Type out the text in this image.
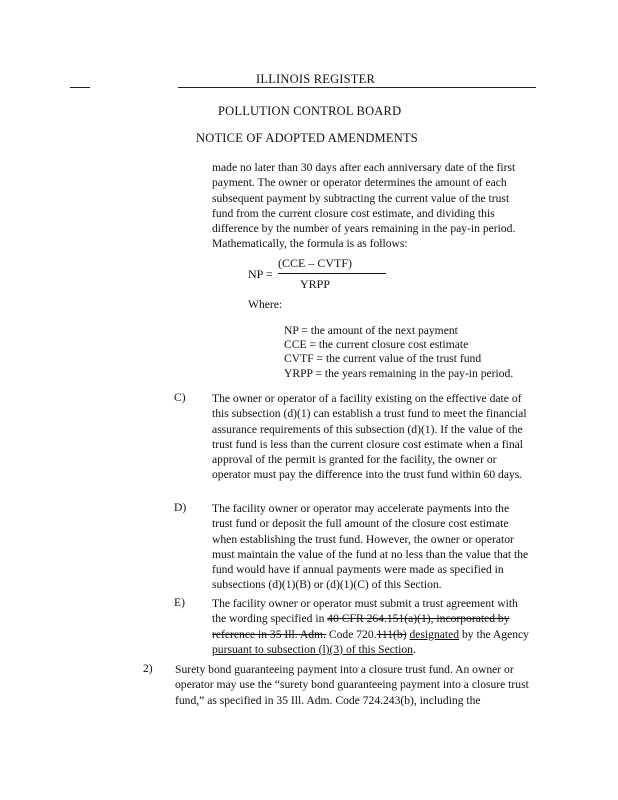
ILLINOIS REGISTER
POLLUTION CONTROL BOARD
NOTICE OF ADOPTED AMENDMENTS

made no later than 30 days after each anniversary date of the first payment. The owner or operator determines the amount of each subsequent payment by subtracting the current value of the trust fund from the current closure cost estimate, and dividing this difference by the number of years remaining in the pay-in period. Mathematically, the formula is as follows:

NP =
(CCE – CVTF)
YRPP
Where:
NP = the amount of the next payment
CCE = the current closure cost estimate
CVTF = the current value of the trust fund
YRPP = the years remaining in the pay-in period.
C) The owner or operator of a facility existing on the effective date of this subsection (d)(1) can establish a trust fund to meet the financial assurance requirements of this subsection (d)(1). If the value of the trust fund is less than the current closure cost estimate when a final approval of the permit is granted for the facility, the owner or operator must pay the difference into the trust fund within 60 days.

D) The facility owner or operator may accelerate payments into the trust fund or deposit the full amount of the closure cost estimate when establishing the trust fund. However, the owner or operator must maintain the value of the fund at no less than the value that the fund would have if annual payments were made as specified in subsections (d)(1)(B) or (d)(1)(C) of this Section.

E) The facility owner or operator must submit a trust agreement with the wording specified in 40 CFR 264.151(a)(1), incorporated by reference in 35 Ill. Adm. Code 720.111(b) designated by the Agency pursuant to subsection (l)(3) of this Section.

2) Surety bond guaranteeing payment into a closure trust fund. An owner or operator may use the “surety bond guaranteeing payment into a closure trust fund,” as specified in 35 Ill. Adm. Code 724.243(b), including the
